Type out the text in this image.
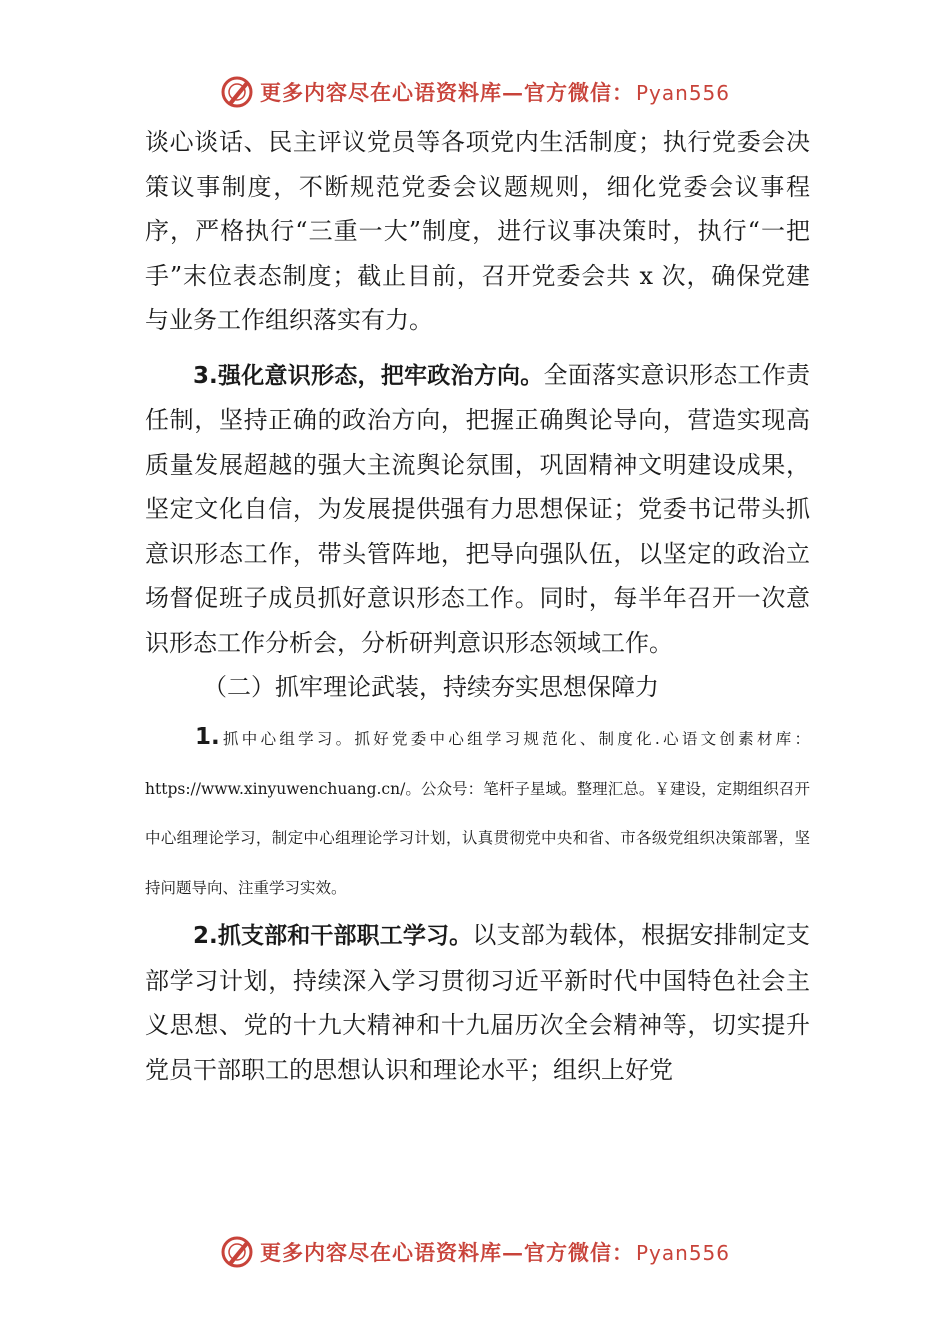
更多内容尽在心语资料库—官方微信： Pyan556

谈心谈话、民主评议党员等各项党内生活制度；执行党委会决策议事制度，不断规范党委会议题规则，细化党委会议事程序，严格执行“三重一大”制度，进行议事决策时，执行“一把手”末位表态制度；截止目前，召开党委会共 x 次，确保党建与业务工作组织落实有力。

3.强化意识形态，把牢政治方向。全面落实意识形态工作责任制，坚持正确的政治方向，把握正确舆论导向，营造实现高质量发展超越的强大主流舆论氛围，巩固精神文明建设成果，坚定文化自信，为发展提供强有力思想保证；党委书记带头抓意识形态工作，带头管阵地，把导向强队伍，以坚定的政治立场督促班子成员抓好意识形态工作。同时，每半年召开一次意识形态工作分析会，分析研判意识形态领域工作。

（二）抓牢理论武装，持续夯实思想保障力

1.抓中心组学习。抓好党委中心组学习规范化、制度化.心语文创素材库：https://www.xinyuwenchuang.cn/。公众号：笔杆子星域。整理汇总。￥建设，定期组织召开中心组理论学习，制定中心组理论学习计划，认真贯彻党中央和省、市各级党组织决策部署，坚持问题导向、注重学习实效。

2.抓支部和干部职工学习。以支部为载体，根据安排制定支部学习计划，持续深入学习贯彻习近平新时代中国特色社会主义思想、党的十九大精神和十九届历次全会精神等，切实提升党员干部职工的思想认识和理论水平；组织上好党

更多内容尽在心语资料库—官方微信： Pyan556
